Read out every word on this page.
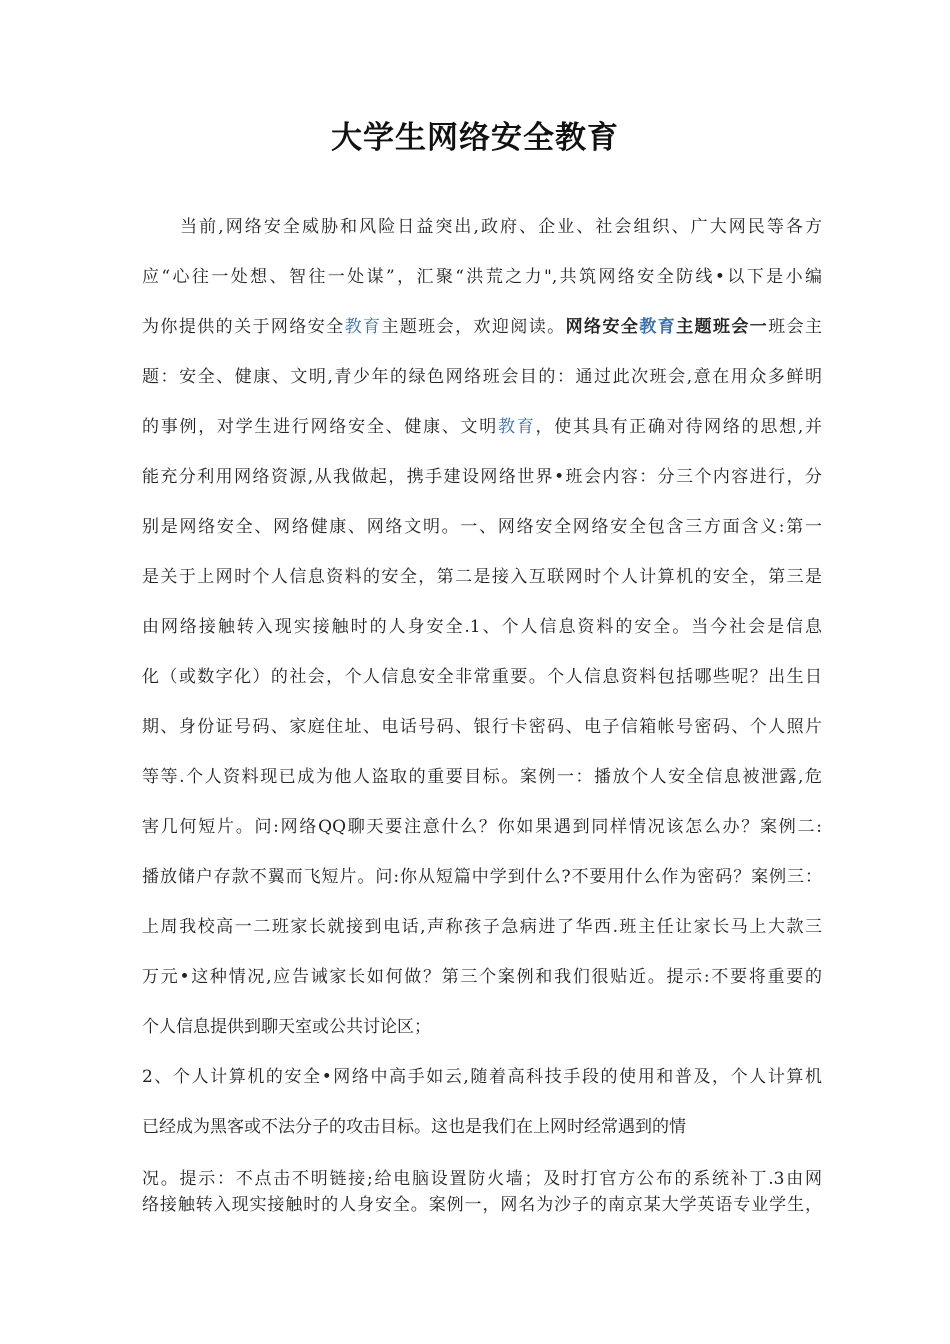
大学生网络安全教育
　　当前,网络安全威胁和风险日益突出,政府、企业、社会组织、广大网民等各方
应“心往一处想、智往一处谋”，汇聚“洪荒之力",共筑网络安全防线•以下是小编
为你提供的关于网络安全教育主题班会，欢迎阅读。网络安全教育主题班会一班会主
题：安全、健康、文明,青少年的绿色网络班会目的：通过此次班会,意在用众多鲜明
的事例，对学生进行网络安全、健康、文明教育，使其具有正确对待网络的思想,并
能充分利用网络资源,从我做起，携手建设网络世界•班会内容：分三个内容进行，分
别是网络安全、网络健康、网络文明。一、网络安全网络安全包含三方面含义:第一
是关于上网时个人信息资料的安全，第二是接入互联网时个人计算机的安全，第三是
由网络接触转入现实接触时的人身安全.1、个人信息资料的安全。当今社会是信息
化（或数字化）的社会，个人信息安全非常重要。个人信息资料包括哪些呢？出生日
期、身份证号码、家庭住址、电话号码、银行卡密码、电子信箱帐号密码、个人照片
等等.个人资料现已成为他人盗取的重要目标。案例一：播放个人安全信息被泄露,危
害几何短片。问:网络QQ聊天要注意什么？你如果遇到同样情况该怎么办？案例二:
播放储户存款不翼而飞短片。问:你从短篇中学到什么?不要用什么作为密码？案例三：
上周我校高一二班家长就接到电话,声称孩子急病进了华西.班主任让家长马上大款三
万元•这种情况,应告诫家长如何做？第三个案例和我们很贴近。提示:不要将重要的
个人信息提供到聊天室或公共讨论区；
2、个人计算机的安全•网络中高手如云,随着高科技手段的使用和普及，个人计算机
已经成为黑客或不法分子的攻击目标。这也是我们在上网时经常遇到的情
况。提示：不点击不明链接;给电脑设置防火墙；及时打官方公布的系统补丁.3由网
络接触转入现实接触时的人身安全。案例一，网名为沙子的南京某大学英语专业学生，
